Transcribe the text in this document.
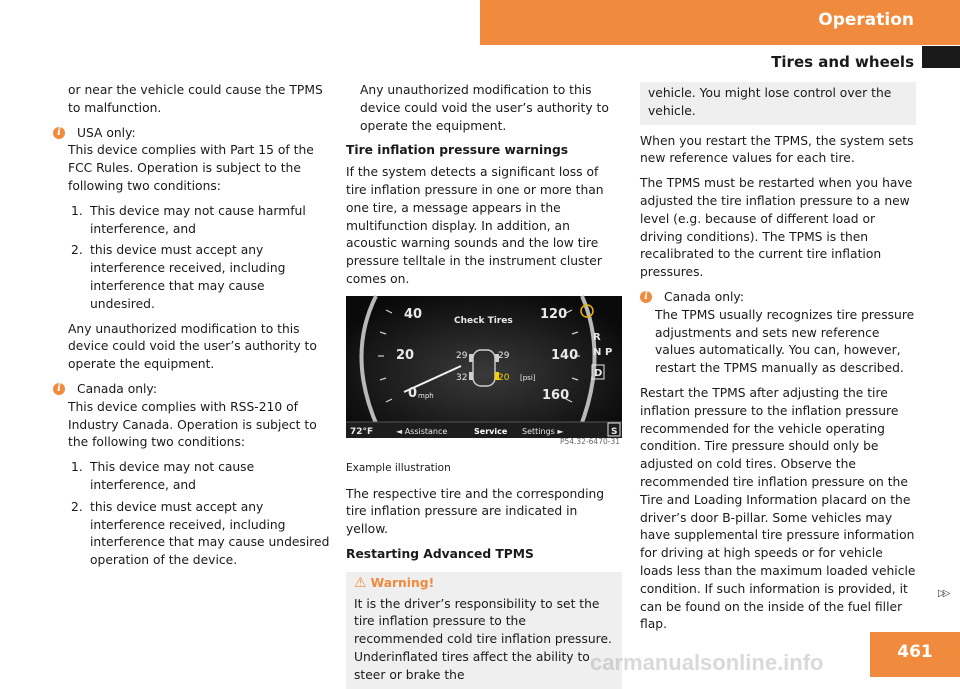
Operation
Tires and wheels

or near the vehicle could cause the TPMS to malfunction.

i	USA only:
This device complies with Part 15 of the FCC Rules. Operation is subject to the following two conditions:
1. This device may not cause harmful interference, and
2. this device must accept any interference received, including interference that may cause undesired.

Any unauthorized modification to this device could void the user’s authority to operate the equipment.

i	Canada only:
This device complies with RSS-210 of Industry Canada. Operation is subject to the following two conditions:
1. This device may not cause interference, and
2. this device must accept any interference received, including interference that may cause undesired operation of the device.

Any unauthorized modification to this device could void the user’s authority to operate the equipment.

Tire inflation pressure warnings

If the system detects a significant loss of tire inflation pressure in one or more than one tire, a message appears in the multifunction display. In addition, an acoustic warning sounds and the low tire pressure telltale in the instrument cluster comes on.

40
20
0 mph
120
140
160
Check Tires
29	29
32	20 [psi]
R
N P
D
72°F	◄ Assistance	Service Settings ►	S
P54.32-6470-31

Example illustration

The respective tire and the corresponding tire inflation pressure are indicated in yellow.

Restarting Advanced TPMS
⚠ Warning!
It is the driver’s responsibility to set the tire inflation pressure to the recommended cold tire inflation pressure. Underinflated tires affect the ability to steer or brake the
vehicle. You might lose control over the vehicle.

When you restart the TPMS, the system sets new reference values for each tire.

The TPMS must be restarted when you have adjusted the tire inflation pressure to a new level (e.g. because of different load or driving conditions). The TPMS is then recalibrated to the current tire inflation pressures.

i	Canada only:
The TPMS usually recognizes tire pressure adjustments and sets new reference values automatically. You can, however, restart the TPMS manually as described.

Restart the TPMS after adjusting the tire inflation pressure to the inflation pressure recommended for the vehicle operating condition. Tire pressure should only be adjusted on cold tires. Observe the recommended tire inflation pressure on the Tire and Loading Information placard on the driver’s door B-pillar. Some vehicles may have supplemental tire pressure information for driving at high speeds or for vehicle loads less than the maximum loaded vehicle condition. If such information is provided, it can be found on the inside of the fuel filler flap.

▷▷
461
carmanualsonline.info
